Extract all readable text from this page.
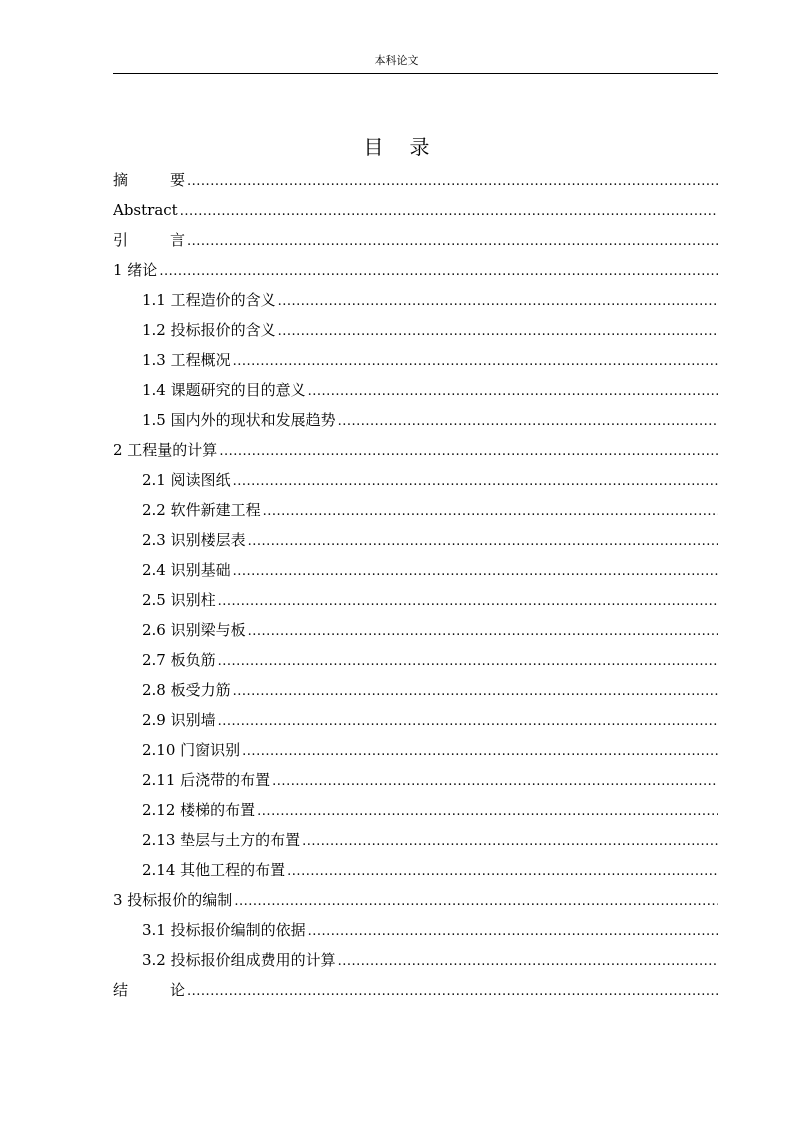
本科论文
目录
摘要
.....
Abstract
.....
引言
.....
1 绪论
.....
1.1 工程造价的含义
.....
1.2 投标报价的含义
.....
1.3 工程概况
.....
1.4 课题研究的目的意义
.....
1.5 国内外的现状和发展趋势
.....
2 工程量的计算
.....
2.1 阅读图纸
.....
2.2 软件新建工程
.....
2.3 识别楼层表
.....
2.4 识别基础
.....
2.5 识别柱
.....
2.6 识别梁与板
.....
2.7 板负筋
.....
2.8 板受力筋
.....
2.9 识别墙
.....
2.10 门窗识别
.....
2.11 后浇带的布置
.....
2.12 楼梯的布置
.....
2.13 垫层与土方的布置
.....
2.14 其他工程的布置
.....
3 投标报价的编制
.....
3.1 投标报价编制的依据
.....
3.2 投标报价组成费用的计算
.....
结论
.....
